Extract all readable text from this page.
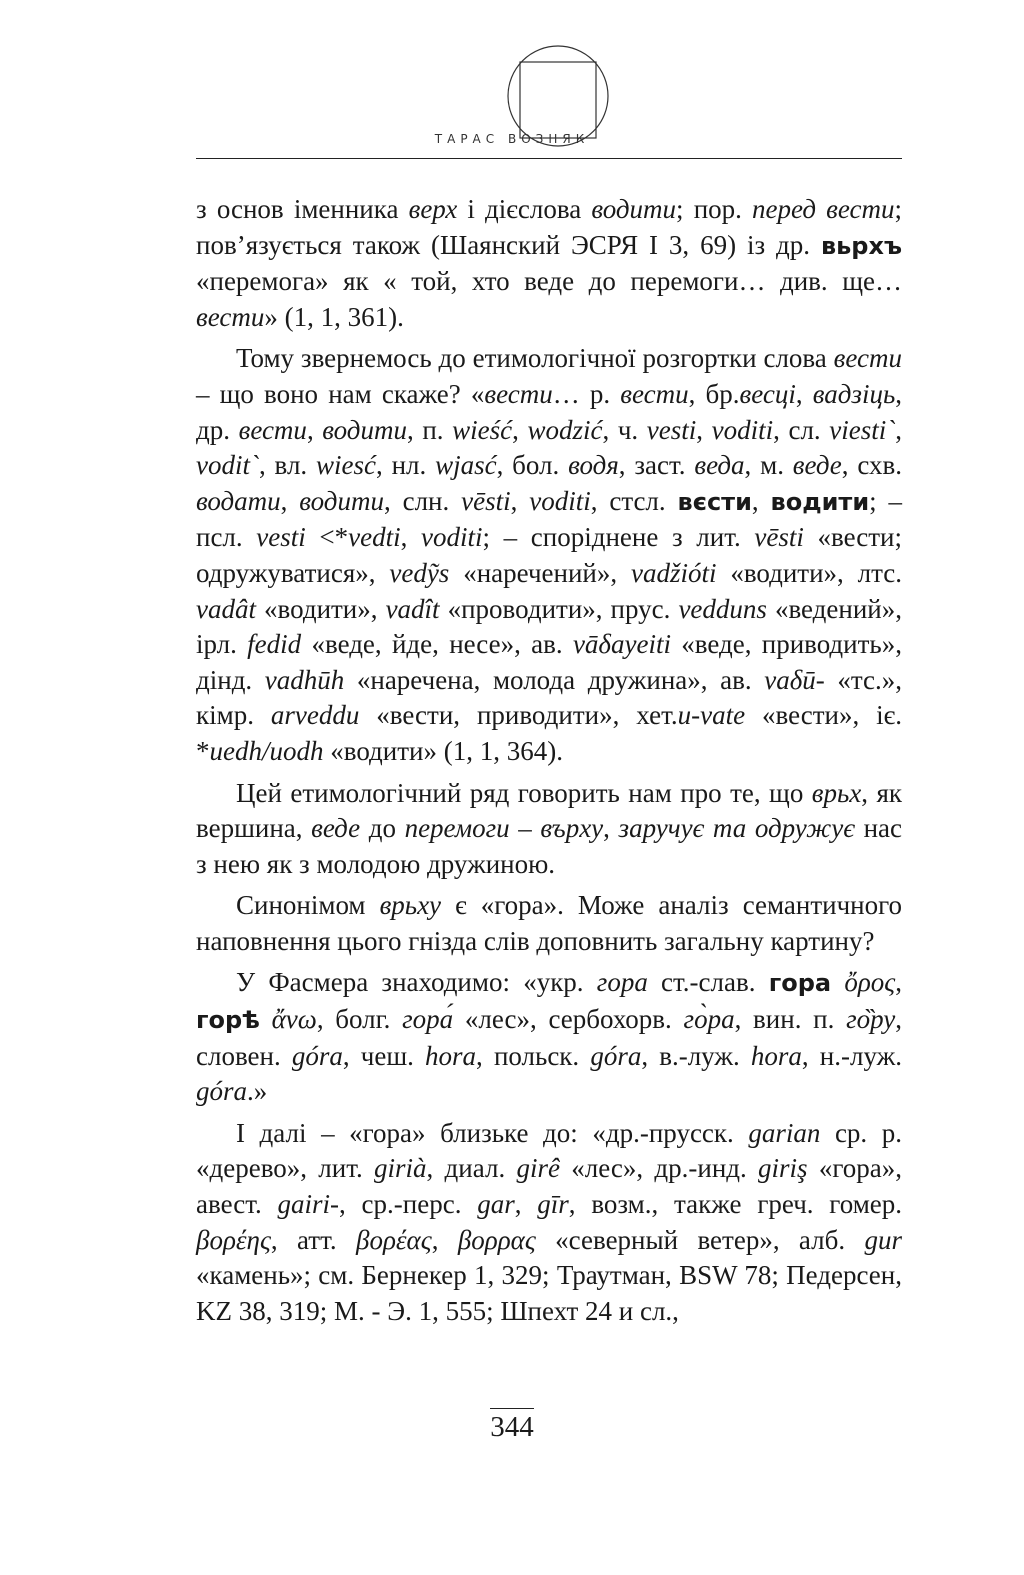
ТАРАС ВОЗНЯК

з основ іменника верх і дієслова водити; пор. перед вести; пов’язується також (Шаянский ЭСРЯ І 3, 69) із др. вьрхъ «перемога» як « той, хто веде до перемоги… див. ще…вести» (1, 1, 361).

Тому звернемось до етимологічної розгортки слова вести – що воно нам скаже? «вести… р. вести, бр.весці, вадзіць, др. вести, водити, п. wieść, wodzić, ч. vesti, voditi, сл. viesti`, vodit`, вл. wiesć, нл. wjasć, бол. водя, заст. веда, м. веде, схв. водати, водити, слн. vēsti, voditi, стсл. вєсти, водити; – псл. vesti <*vedti, voditi; – споріднене з лит. vēsti «вести; одружуватися», vedỹs «наречений», vadžióti «водити», лтс. vadât «водити», vadît «проводити», прус. vedduns «ведений», ірл. fedid «веде, йде, несе», ав. vāδayeiti «веде, приводить», дінд. vadhūh «наречена, молода дружина», ав. vaδū- «тс.», кімр. arveddu «вести, приводити», хет.u-vate «вести», іє. *uedh/uodh «водити» (1, 1, 364).

Цей етимологічний ряд говорить нам про те, що врьх, як вершина, веде до перемоги – въpxy, заручує та одружує нас з нею як з молодою дружиною.

Синонімом врьху є «гора». Може аналіз семантичного наповнення цього гнізда слів доповнить загальну картину?

У Фасмера знаходимо: «укр. гора ст.-слав. гора ὄρος, горѣ ἄνω, болг. гора́ «лес», сербохорв. го̀ра, вин. п. го̏ру, словен. góra, чеш. hora, польск. góra, в.-луж. hora, н.-луж. góra.»

І далі – «гора» близьке до: «др.-прусск. garian ср. р. «дерево», лит. girià, диал. girê «лес», др.-инд. giriş «гора», авест. gairi-, ср.-перс. gar, gīr, возм., также греч. гомер. βορέης, атт. βορέας, βορρας «северный ветер», алб. gur «камень»; см. Бернекер 1, 329; Траутман, BSW 78; Педерсен, KZ 38, 319; М. - Э. 1, 555; Шпехт 24 и сл.,

344
